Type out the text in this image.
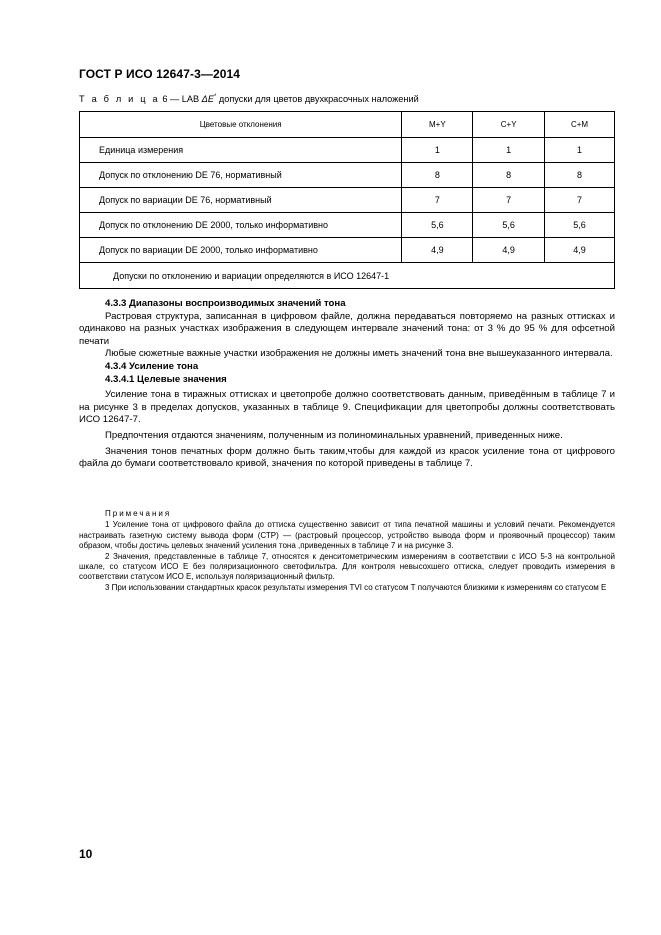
ГОСТ Р ИСО 12647-3—2014
Т а б л и ц а 6 — LAB ΔE* допуски для цветов двухкрасочных наложений
Цветовые отклонения	M+Y	C+Y	C+M
Единица измерения	1	1	1
Допуск по отклонению DE 76, нормативный	8	8	8
Допуск по вариации DE 76, нормативный	7	7	7
Допуск по отклонению DE 2000, только информативно	5,6	5,6	5,6
Допуск по вариации DE 2000, только информативно	4,9	4,9	4,9
Допуски по отклонению и вариации определяются в ИСО 12647-1			

4.3.3 Диапазоны воспроизводимых значений тона

Растровая структура, записанная в цифровом файле, должна передаваться повторяемо на разных оттисках и одинаково на разных участках изображения в следующем интервале значений тона: от 3 % до 95 % для офсетной печати

Любые сюжетные важные участки изображения не должны иметь значений тона вне вышеуказанного интервала.

4.3.4 Усиление тона

4.3.4.1 Целевые значения

Усиление тона в тиражных оттисках и цветопробе должно соответствовать данным, приведённым в таблице 7 и на рисунке 3 в пределах допусков, указанных в таблице 9. Спецификации для цветопробы должны соответствовать ИСО 12647-7.

Предпочтения отдаются значениям, полученным из полиноминальных уравнений, приведенных ниже.

Значения тонов печатных форм должно быть таким,чтобы для каждой из красок усиление тона от цифрового файла до бумаги соответствовало кривой, значения по которой приведены в таблице 7.

Примечания

1 Усиление тона от цифрового файла до оттиска существенно зависит от типа печатной машины и условий печати. Рекомендуется настраивать газетную систему вывода форм (СТР) — (растровый процессор, устройство вывода форм и проявочный процессор) таким образом, чтобы достичь целевых значений усиления тона ,приведенных в таблице 7 и на рисунке 3.

2 Значения, представленные в таблице 7, относятся к денситометрическим измерениям в соответствии с ИСО 5-3 на контрольной шкале, со статусом ИСО Е без поляризационного светофильтра. Для контроля невысохшего оттиска, следует проводить измерения в соответствии статусом ИСО Е, используя поляризационный фильтр.

3 При использовании стандартных красок результаты измерения TVI со статусом Т получаются близкими к измерениям со статусом Е

10
